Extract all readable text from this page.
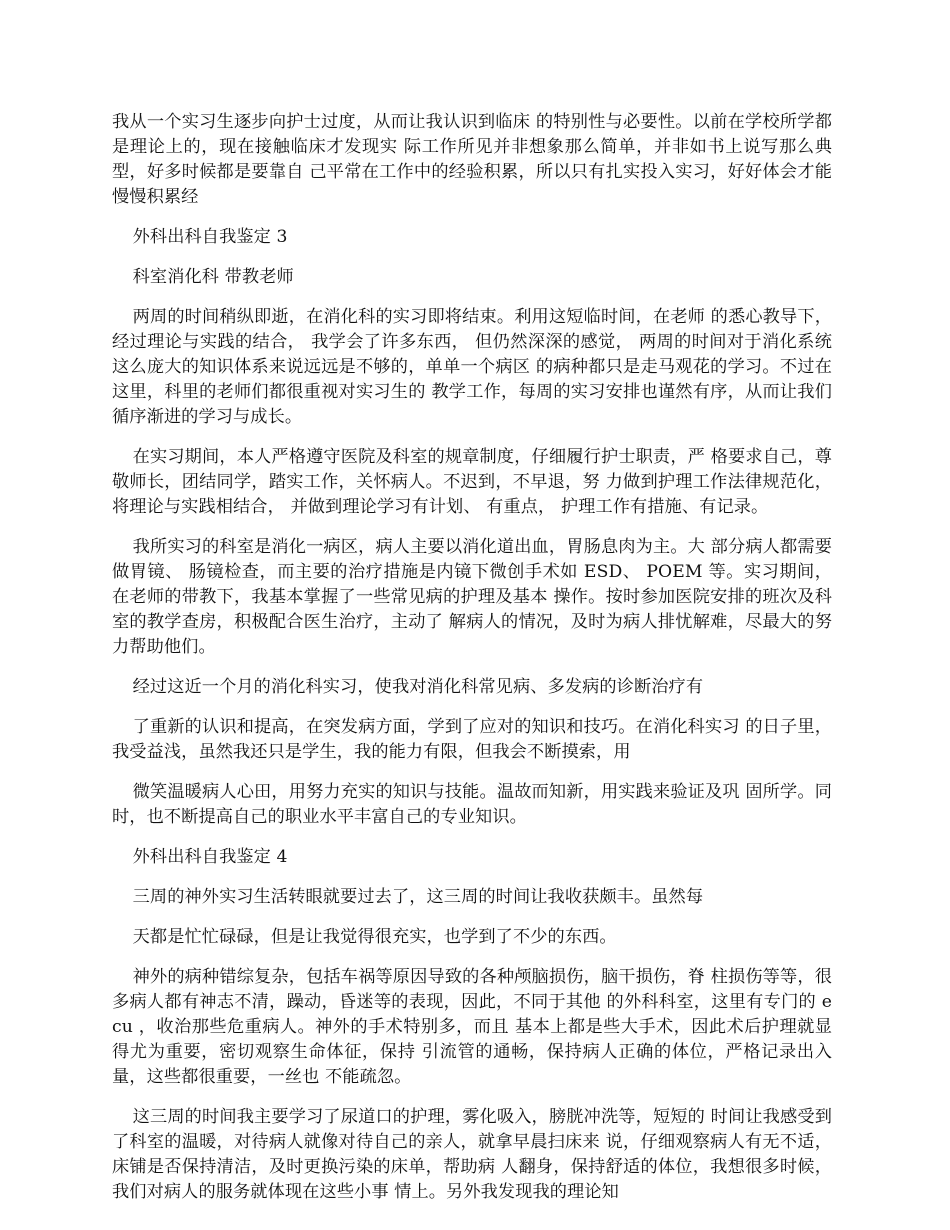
我从一个实习生逐步向护士过度，从而让我认识到临床 的特别性与必要性。以前在学校所学都是理论上的，现在接触临床才发现实 际工作所见并非想象那么简单，并非如书上说写那么典型，好多时候都是要靠自 己平常在工作中的经验积累，所以只有扎实投入实习，好好体会才能慢慢积累经

外科出科自我鉴定 3

科室消化科 带教老师

两周的时间稍纵即逝，在消化科的实习即将结束。利用这短临时间，在老师 的悉心教导下， 经过理论与实践的结合， 我学会了许多东西， 但仍然深深的感觉， 两周的时间对于消化系统这么庞大的知识体系来说远远是不够的，单单一个病区 的病种都只是走马观花的学习。不过在这里，科里的老师们都很重视对实习生的 教学工作，每周的实习安排也谨然有序，从而让我们循序渐进的学习与成长。

在实习期间，本人严格遵守医院及科室的规章制度，仔细履行护士职责，严 格要求自己，尊敬师长，团结同学，踏实工作，关怀病人。不迟到，不早退，努 力做到护理工作法律规范化， 将理论与实践相结合， 并做到理论学习有计划、 有重点， 护理工作有措施、有记录。

我所实习的科室是消化一病区，病人主要以消化道出血，胃肠息肉为主。大 部分病人都需要做胃镜、 肠镜检查，而主要的治疗措施是内镜下微创手术如 ESD、 POEM 等。实习期间，在老师的带教下，我基本掌握了一些常见病的护理及基本 操作。按时参加医院安排的班次及科室的教学查房，积极配合医生治疗，主动了 解病人的情况，及时为病人排忧解难，尽最大的努力帮助他们。

经过这近一个月的消化科实习，使我对消化科常见病、多发病的诊断治疗有

了重新的认识和提高，在突发病方面，学到了应对的知识和技巧。在消化科实习 的日子里，我受益浅，虽然我还只是学生，我的能力有限，但我会不断摸索，用

微笑温暖病人心田，用努力充实的知识与技能。温故而知新，用实践来验证及巩 固所学。同时，也不断提高自己的职业水平丰富自己的专业知识。

外科出科自我鉴定 4

三周的神外实习生活转眼就要过去了，这三周的时间让我收获颇丰。虽然每

天都是忙忙碌碌，但是让我觉得很充实，也学到了不少的东西。

神外的病种错综复杂，包括车祸等原因导致的各种颅脑损伤，脑干损伤，脊 柱损伤等等，很多病人都有神志不清，躁动，昏迷等的表现，因此，不同于其他 的外科科室，这里有专门的 ecu ，收治那些危重病人。神外的手术特别多，而且 基本上都是些大手术，因此术后护理就显得尤为重要，密切观察生命体征，保持 引流管的通畅，保持病人正确的体位，严格记录出入量，这些都很重要，一丝也 不能疏忽。

这三周的时间我主要学习了尿道口的护理，雾化吸入，膀胱冲洗等，短短的 时间让我感受到了科室的温暖，对待病人就像对待自己的亲人，就拿早晨扫床来 说，仔细观察病人有无不适，床铺是否保持清洁，及时更换污染的床单，帮助病 人翻身，保持舒适的体位，我想很多时候，我们对病人的服务就体现在这些小事 情上。另外我发现我的理论知
